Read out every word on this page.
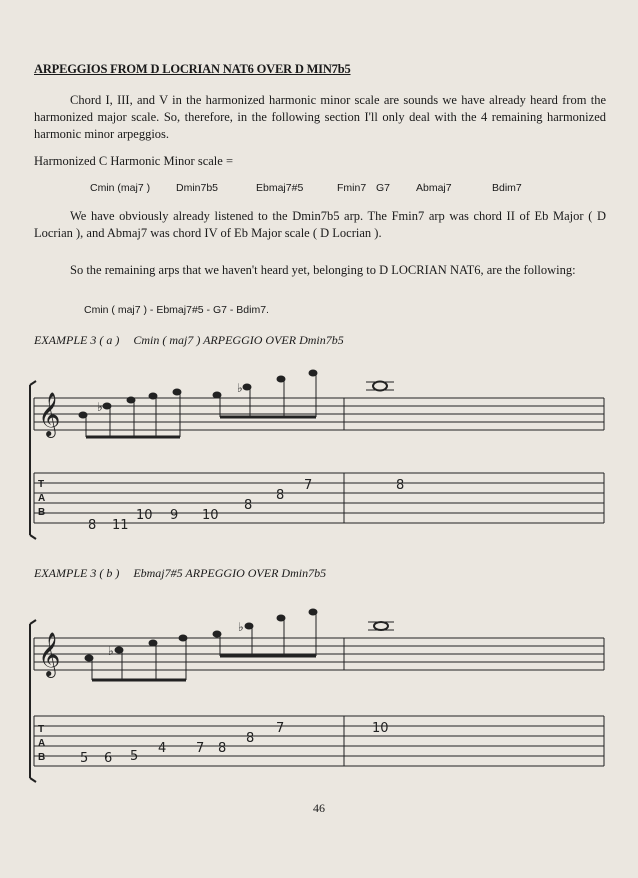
ARPEGGIOS FROM D LOCRIAN NAT6 OVER D MIN7b5

Chord I, III, and V in the harmonized harmonic minor scale are sounds we have already heard from the harmonized major scale. So, therefore, in the following section I'll only deal with the 4 remaining harmonized harmonic minor arpeggios.

Harmonized C Harmonic Minor scale =
Cmin (maj7 ) Dmin7b5	Ebmaj7#5	Fmin7 G7 Abmaj7	Bdim7

We have obviously already listened to the Dmin7b5 arp. The Fmin7 arp was chord II of Eb Major ( D Locrian ), and Abmaj7 was chord IV of Eb Major scale ( D Locrian ).

So the remaining arps that we haven't heard yet, belonging to D LOCRIAN NAT6, are the following:

Cmin ( maj7 ) - Ebmaj7#5 - G7 - Bdim7.
EXAMPLE 3 ( a ) Cmin ( maj7 ) ARPEGGIO OVER Dmin7b5
𝄞	♭
♭
T
A
B
8 11
10 9 10
8
8
7	8
EXAMPLE 3 ( b ) Ebmaj7#5 ARPEGGIO OVER Dmin7b5
𝄞	♭
♭
T
A
B	5 6 5
4 7 8
8
7	10
46
